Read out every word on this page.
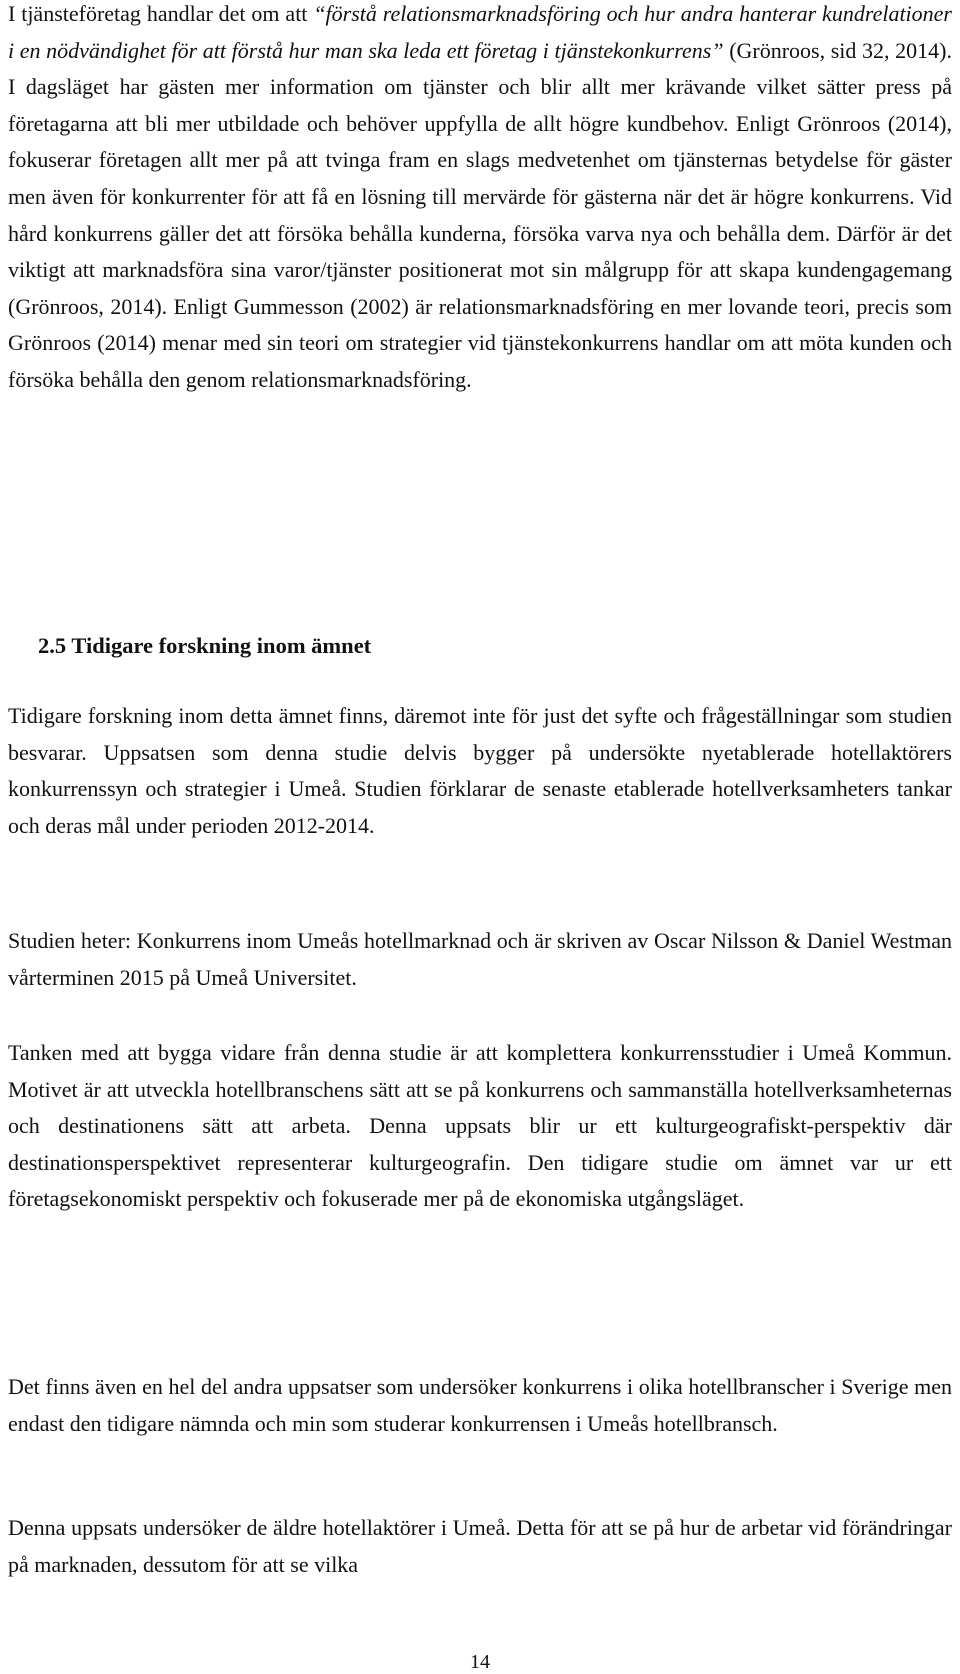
I tjänsteföretag handlar det om att “förstå relationsmarknadsföring och hur andra hanterar kundrelationer i en nödvändighet för att förstå hur man ska leda ett företag i tjänstekonkurrens” (Grönroos, sid 32, 2014). I dagsläget har gästen mer information om tjänster och blir allt mer krävande vilket sätter press på företagarna att bli mer utbildade och behöver uppfylla de allt högre kundbehov. Enligt Grönroos (2014), fokuserar företagen allt mer på att tvinga fram en slags medvetenhet om tjänsternas betydelse för gäster men även för konkurrenter för att få en lösning till mervärde för gästerna när det är högre konkurrens. Vid hård konkurrens gäller det att försöka behålla kunderna, försöka varva nya och behålla dem. Därför är det viktigt att marknadsföra sina varor/tjänster positionerat mot sin målgrupp för att skapa kundengagemang (Grönroos, 2014). Enligt Gummesson (2002) är relationsmarknadsföring en mer lovande teori, precis som Grönroos (2014) menar med sin teori om strategier vid tjänstekonkurrens handlar om att möta kunden och försöka behålla den genom relationsmarknadsföring.

2.5 Tidigare forskning inom ämnet

Tidigare forskning inom detta ämnet finns, däremot inte för just det syfte och frågeställningar som studien besvarar. Uppsatsen som denna studie delvis bygger på undersökte nyetablerade hotellaktörers konkurrenssyn och strategier i Umeå. Studien förklarar de senaste etablerade hotellverksamheters tankar och deras mål under perioden 2012-2014.

Studien heter: Konkurrens inom Umeås hotellmarknad och är skriven av Oscar Nilsson & Daniel Westman vårterminen 2015 på Umeå Universitet.

Tanken med att bygga vidare från denna studie är att komplettera konkurrensstudier i Umeå Kommun. Motivet är att utveckla hotellbranschens sätt att se på konkurrens och sammanställa hotellverksamheternas och destinationens sätt att arbeta. Denna uppsats blir ur ett kulturgeografiskt-perspektiv där destinationsperspektivet representerar kulturgeografin. Den tidigare studie om ämnet var ur ett företagsekonomiskt perspektiv och fokuserade mer på de ekonomiska utgångsläget.

Det finns även en hel del andra uppsatser som undersöker konkurrens i olika hotellbranscher i Sverige men endast den tidigare nämnda och min som studerar konkurrensen i Umeås hotellbransch.

Denna uppsats undersöker de äldre hotellaktörer i Umeå. Detta för att se på hur de arbetar vid förändringar på marknaden, dessutom för att se vilka

14
